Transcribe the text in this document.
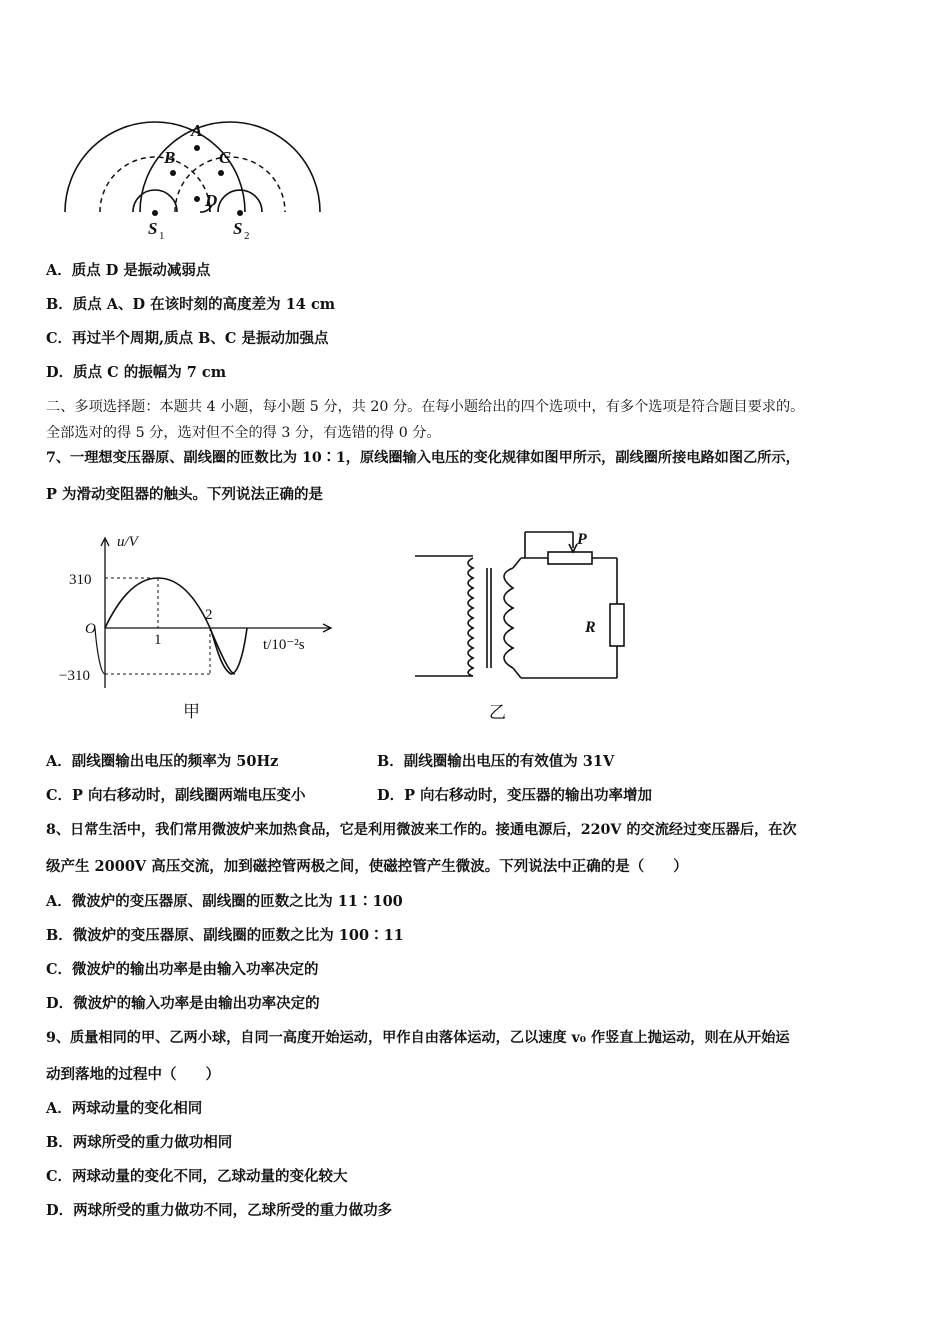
A
B	C
D
S	S
1	2
A．质点 D 是振动减弱点
B．质点 A、D 在该时刻的高度差为 14 cm
C．再过半个周期,质点 B、C 是振动加强点
D．质点 C 的振幅为 7 cm
二、多项选择题：本题共 4 小题，每小题 5 分，共 20 分。在每小题给出的四个选项中，有多个选项是符合题目要求的。
全部选对的得 5 分，选对但不全的得 3 分，有选错的得 0 分。
7、一理想变压器原、副线圈的匝数比为 10∶1，原线圈输入电压的变化规律如图甲所示，副线圈所接电路如图乙所示，
P 为滑动变阻器的触头。下列说法正确的是
u/V
310
−310
O
1
2
t/10⁻²s
甲
P
R
乙
A．副线圈输出电压的频率为 50Hz	B．副线圈输出电压的有效值为 31V
C．P 向右移动时，副线圈两端电压变小	D．P 向右移动时，变压器的输出功率增加
8、日常生活中，我们常用微波炉来加热食品，它是利用微波来工作的。接通电源后，220V 的交流经过变压器后，在次
级产生 2000V 高压交流，加到磁控管两极之间，使磁控管产生微波。下列说法中正确的是（　　）
A．微波炉的变压器原、副线圈的匝数之比为 11∶100
B．微波炉的变压器原、副线圈的匝数之比为 100∶11
C．微波炉的输出功率是由输入功率决定的
D．微波炉的输入功率是由输出功率决定的
9、质量相同的甲、乙两小球，自同一高度开始运动，甲作自由落体运动，乙以速度 v₀ 作竖直上抛运动，则在从开始运
动到落地的过程中（　　）
A．两球动量的变化相同
B．两球所受的重力做功相同
C．两球动量的变化不同，乙球动量的变化较大
D．两球所受的重力做功不同，乙球所受的重力做功多
